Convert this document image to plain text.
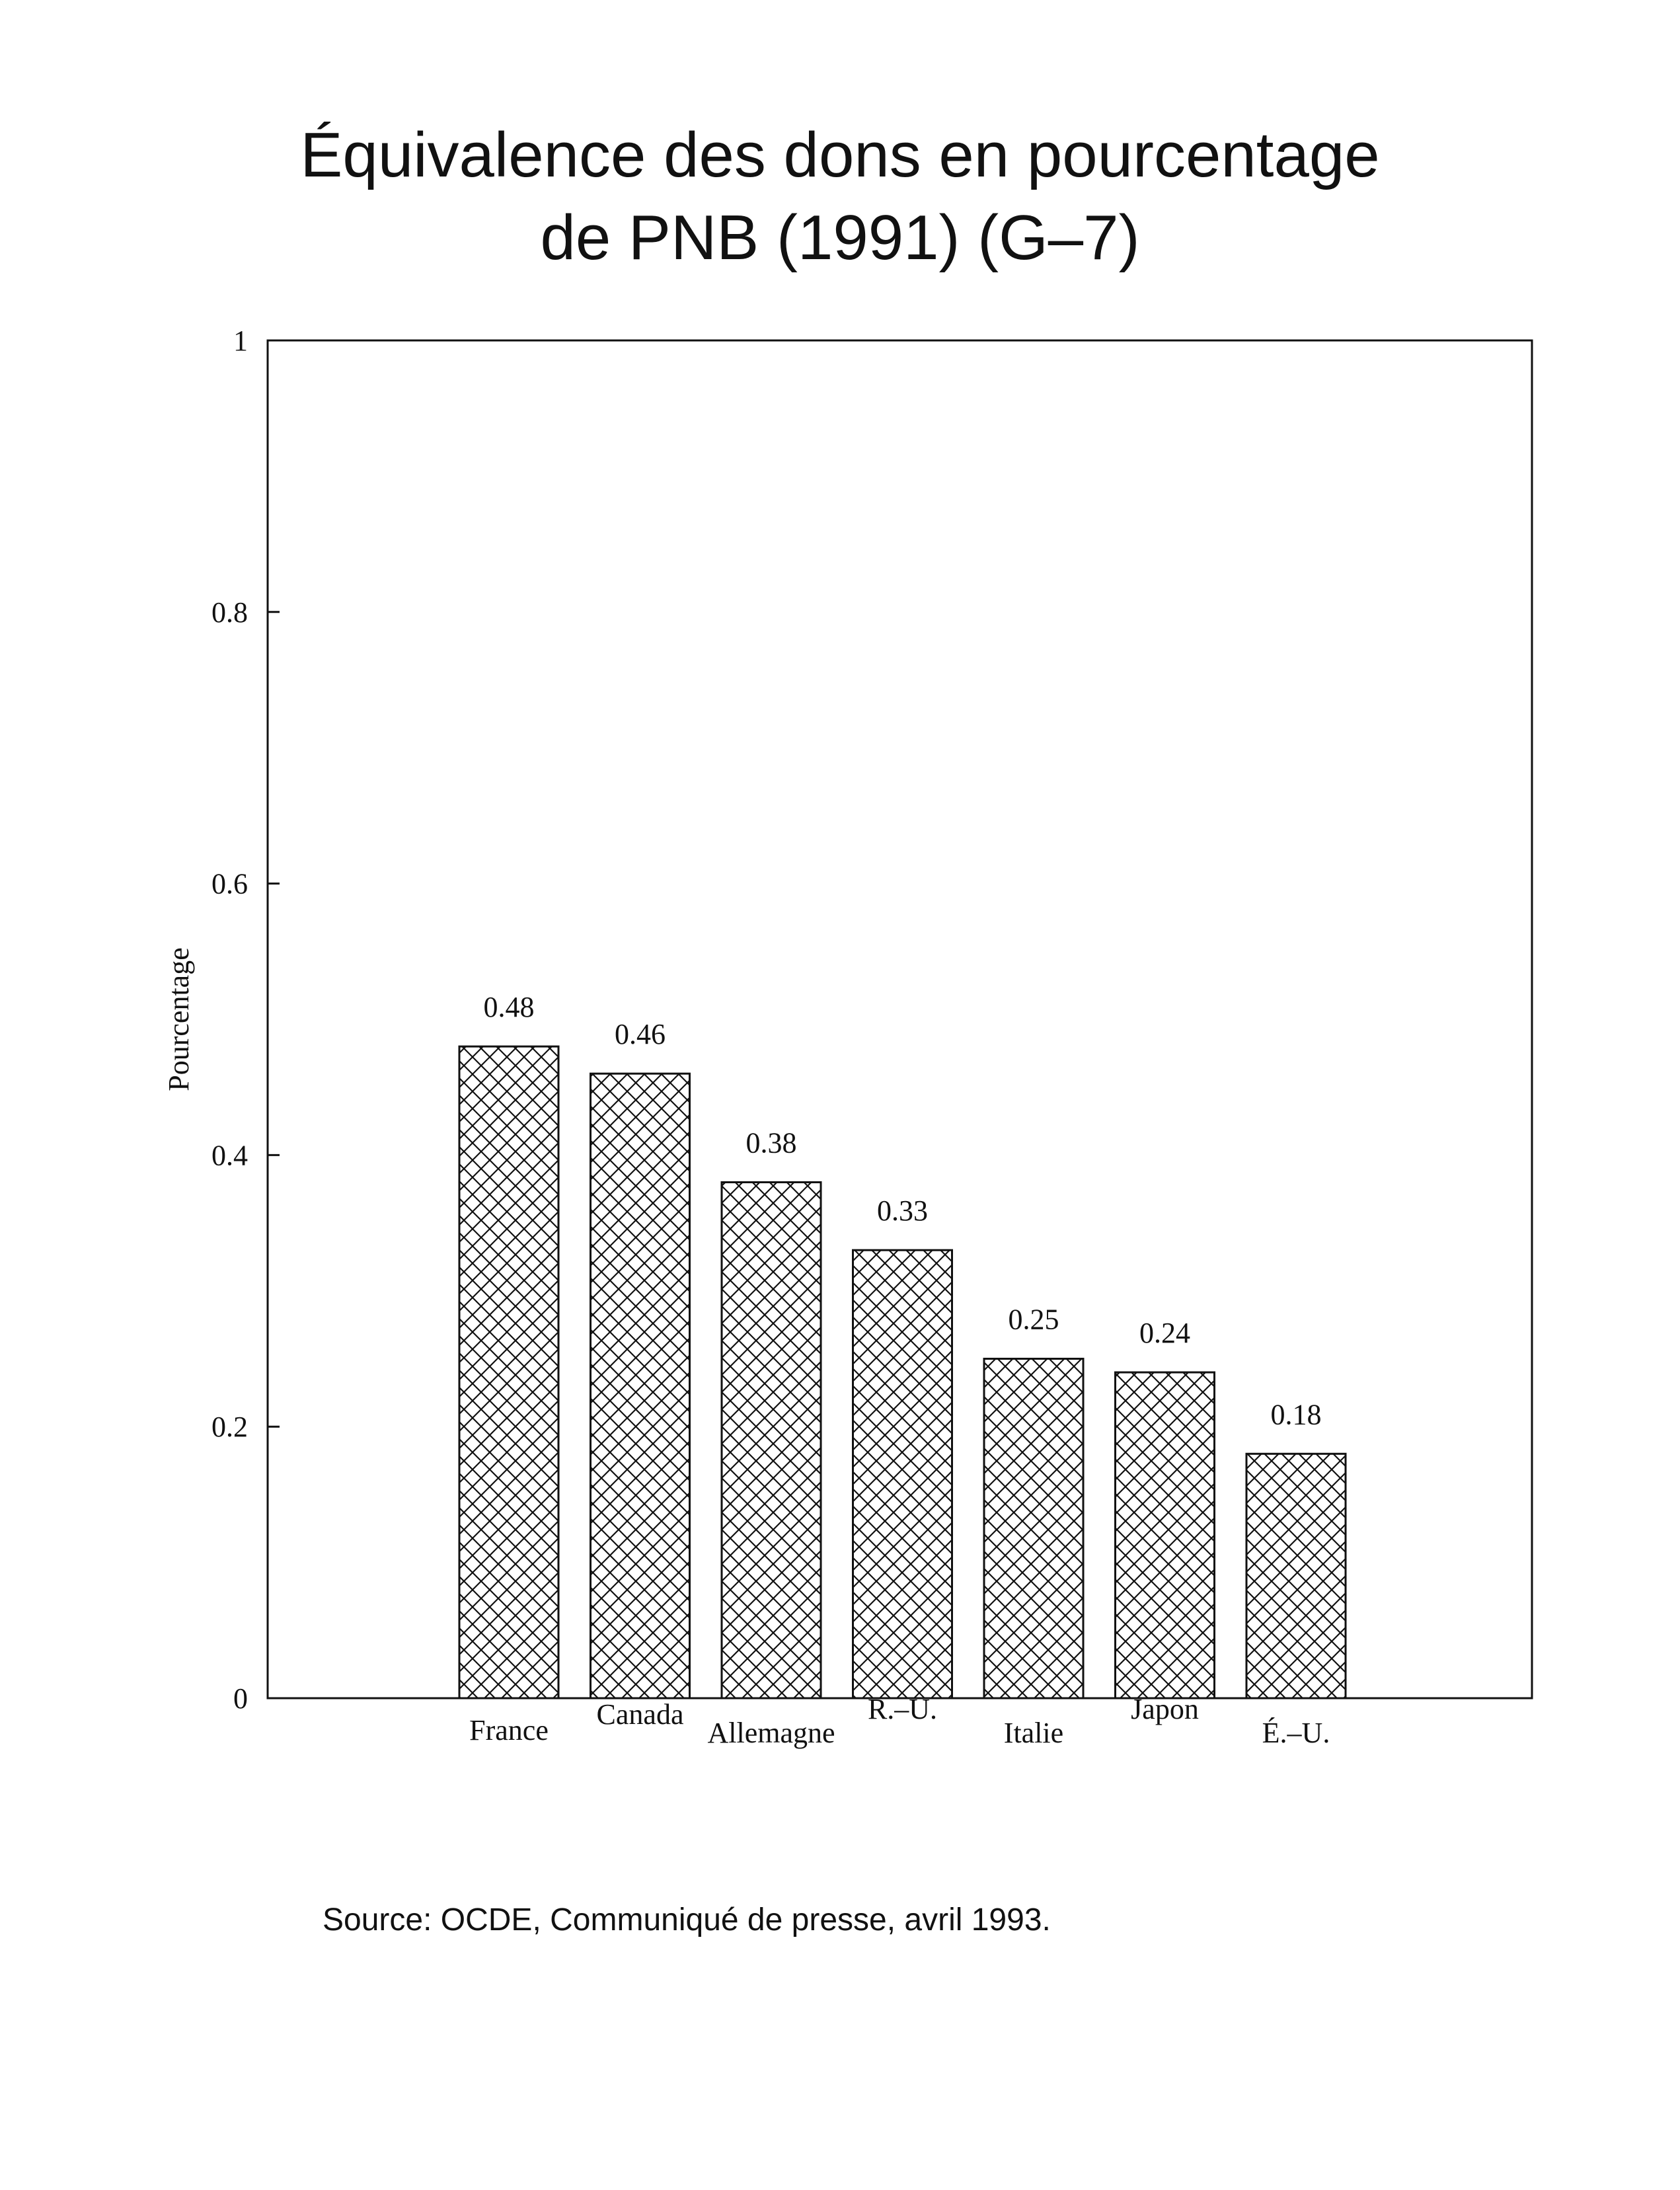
Équivalence des dons en pourcentage
de PNB (1991) (G–7)
0
0.2
0.4
0.6
0.8
1
0.48
0.46
0.38
0.33
0.25	0.24
0.18
France Canada
Allemagne
R.–U.
Italie
Japon
É.–U.
Pourcentage
Source: OCDE, Communiqué de presse, avril 1993.
